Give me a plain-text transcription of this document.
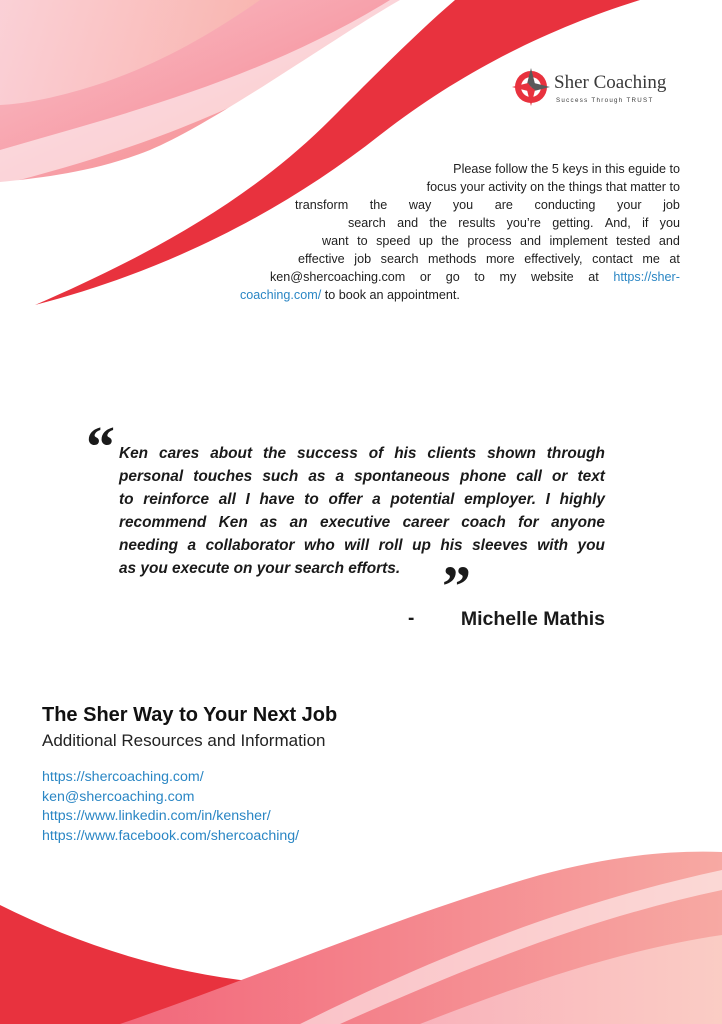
Sher Coaching
Success Through TRUST
Please follow the 5 keys in this eguide to
focus your activity on the things that matter to
transform the way you are conducting your job
search and the results you’re getting. And, if you
want to speed up the process and implement tested and
effective job search methods more effectively, contact me at
ken@shercoaching.com or go to my website at https://sher-
coaching.com/ to book an appointment.
“ Ken cares about the success of his clients shown through
personal touches such as a spontaneous phone call or text
to reinforce all I have to offer a potential employer. I highly
recommend Ken as an executive career coach for anyone
needing a collaborator who will roll up his sleeves with you
as you execute on your search efforts. ”
- Michelle Mathis
The Sher Way to Your Next Job
Additional Resources and Information
https://shercoaching.com/
ken@shercoaching.com
https://www.linkedin.com/in/kensher/
https://www.facebook.com/shercoaching/
